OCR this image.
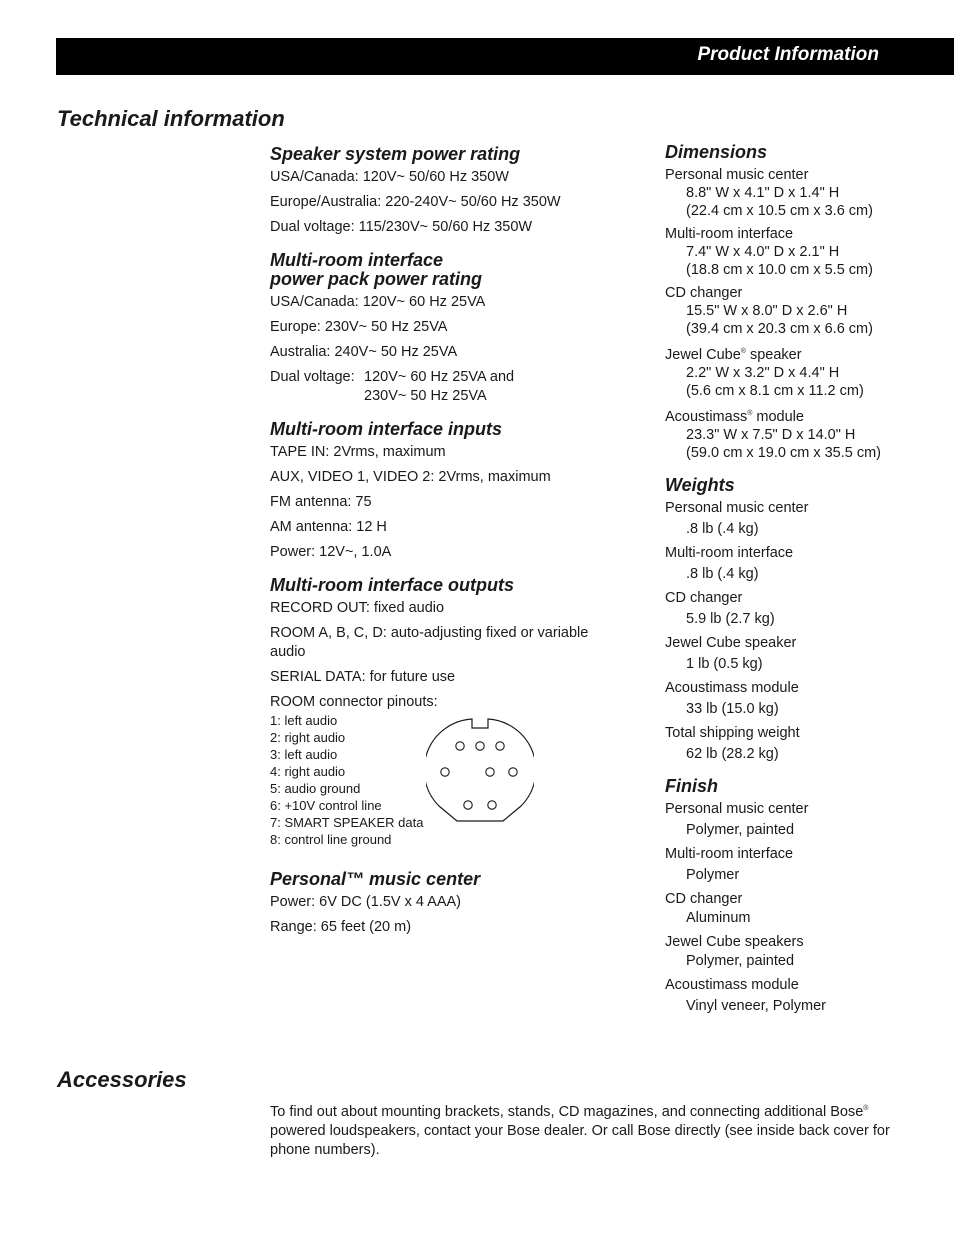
Product Information
Technical information
Speaker system power rating

USA/Canada: 120V~ 50/60 Hz 350W

Europe/Australia: 220-240V~ 50/60 Hz 350W

Dual voltage: 115/230V~ 50/60 Hz 350W

Multi-room interface
power pack power rating

USA/Canada: 120V~ 60 Hz 25VA

Europe: 230V~ 50 Hz 25VA

Australia: 240V~ 50 Hz 25VA

Dual voltage: 120V~ 60 Hz 25VA and
230V~ 50 Hz 25VA
Multi-room interface inputs

TAPE IN: 2Vrms, maximum

AUX, VIDEO 1, VIDEO 2: 2Vrms, maximum

FM antenna: 75

AM antenna: 12 H

Power: 12V~, 1.0A

Multi-room interface outputs

RECORD OUT: fixed audio

ROOM A, B, C, D: auto-adjusting fixed or variable audio

SERIAL DATA: for future use

ROOM connector pinouts:

1: left audio

2: right audio

3: left audio

4: right audio

5: audio ground

6: +10V control line

7: SMART SPEAKER data

8: control line ground

Personal™ music center

Power: 6V DC (1.5V x 4 AAA)

Range: 65 feet (20 m)

Dimensions

Personal music center

8.8" W x 4.1" D x 1.4" H

(22.4 cm x 10.5 cm x 3.6 cm)

Multi-room interface

7.4" W x 4.0" D x 2.1" H

(18.8 cm x 10.0 cm x 5.5 cm)

CD changer

15.5" W x 8.0" D x 2.6" H

(39.4 cm x 20.3 cm x 6.6 cm)

Jewel Cube® speaker

2.2" W x 3.2" D x 4.4" H

(5.6 cm x 8.1 cm x 11.2 cm)

Acoustimass® module

23.3" W x 7.5" D x 14.0" H

(59.0 cm x 19.0 cm x 35.5 cm)

Weights

Personal music center

.8 lb (.4 kg)

Multi-room interface

.8 lb (.4 kg)

CD changer

5.9 lb (2.7 kg)

Jewel Cube speaker

1 lb (0.5 kg)

Acoustimass module

33 lb (15.0 kg)

Total shipping weight

62 lb (28.2 kg)

Finish

Personal music center

Polymer, painted

Multi-room interface

Polymer

CD changer

Aluminum

Jewel Cube speakers

Polymer, painted

Acoustimass module

Vinyl veneer, Polymer

Accessories

To find out about mounting brackets, stands, CD magazines, and connecting additional Bose® powered loudspeakers, contact your Bose dealer. Or call Bose directly (see inside back cover for phone numbers).
